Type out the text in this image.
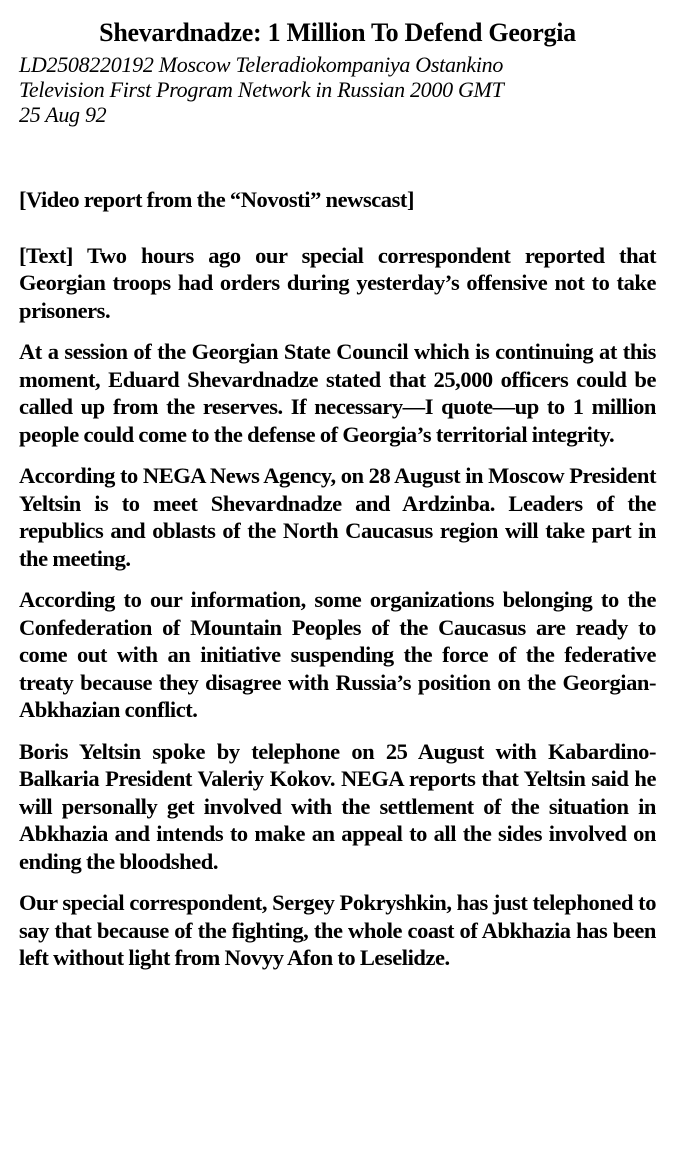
Shevardnadze: 1 Million To Defend Georgia
LD2508220192 Moscow Teleradiokompaniya Ostankino
Television First Program Network in Russian 2000 GMT
25 Aug 92

[Video report from the “Novosti” newscast]

[Text] Two hours ago our special correspondent reported that Georgian troops had orders during yesterday’s offensive not to take prisoners.

At a session of the Georgian State Council which is continuing at this moment, Eduard Shevardnadze stated that 25,000 officers could be called up from the reserves. If necessary—I quote—up to 1 million people could come to the defense of Georgia’s territorial integrity.

According to NEGA News Agency, on 28 August in Moscow President Yeltsin is to meet Shevardnadze and Ardzinba. Leaders of the republics and oblasts of the North Caucasus region will take part in the meeting.

According to our information, some organizations belonging to the Confederation of Mountain Peoples of the Caucasus are ready to come out with an initiative suspending the force of the federative treaty because they disagree with Russia’s position on the Georgian-Abkhazian conflict.

Boris Yeltsin spoke by telephone on 25 August with Kabardino-Balkaria President Valeriy Kokov. NEGA reports that Yeltsin said he will personally get involved with the settlement of the situation in Abkhazia and intends to make an appeal to all the sides involved on ending the bloodshed.

Our special correspondent, Sergey Pokryshkin, has just telephoned to say that because of the fighting, the whole coast of Abkhazia has been left without light from Novyy Afon to Leselidze.
